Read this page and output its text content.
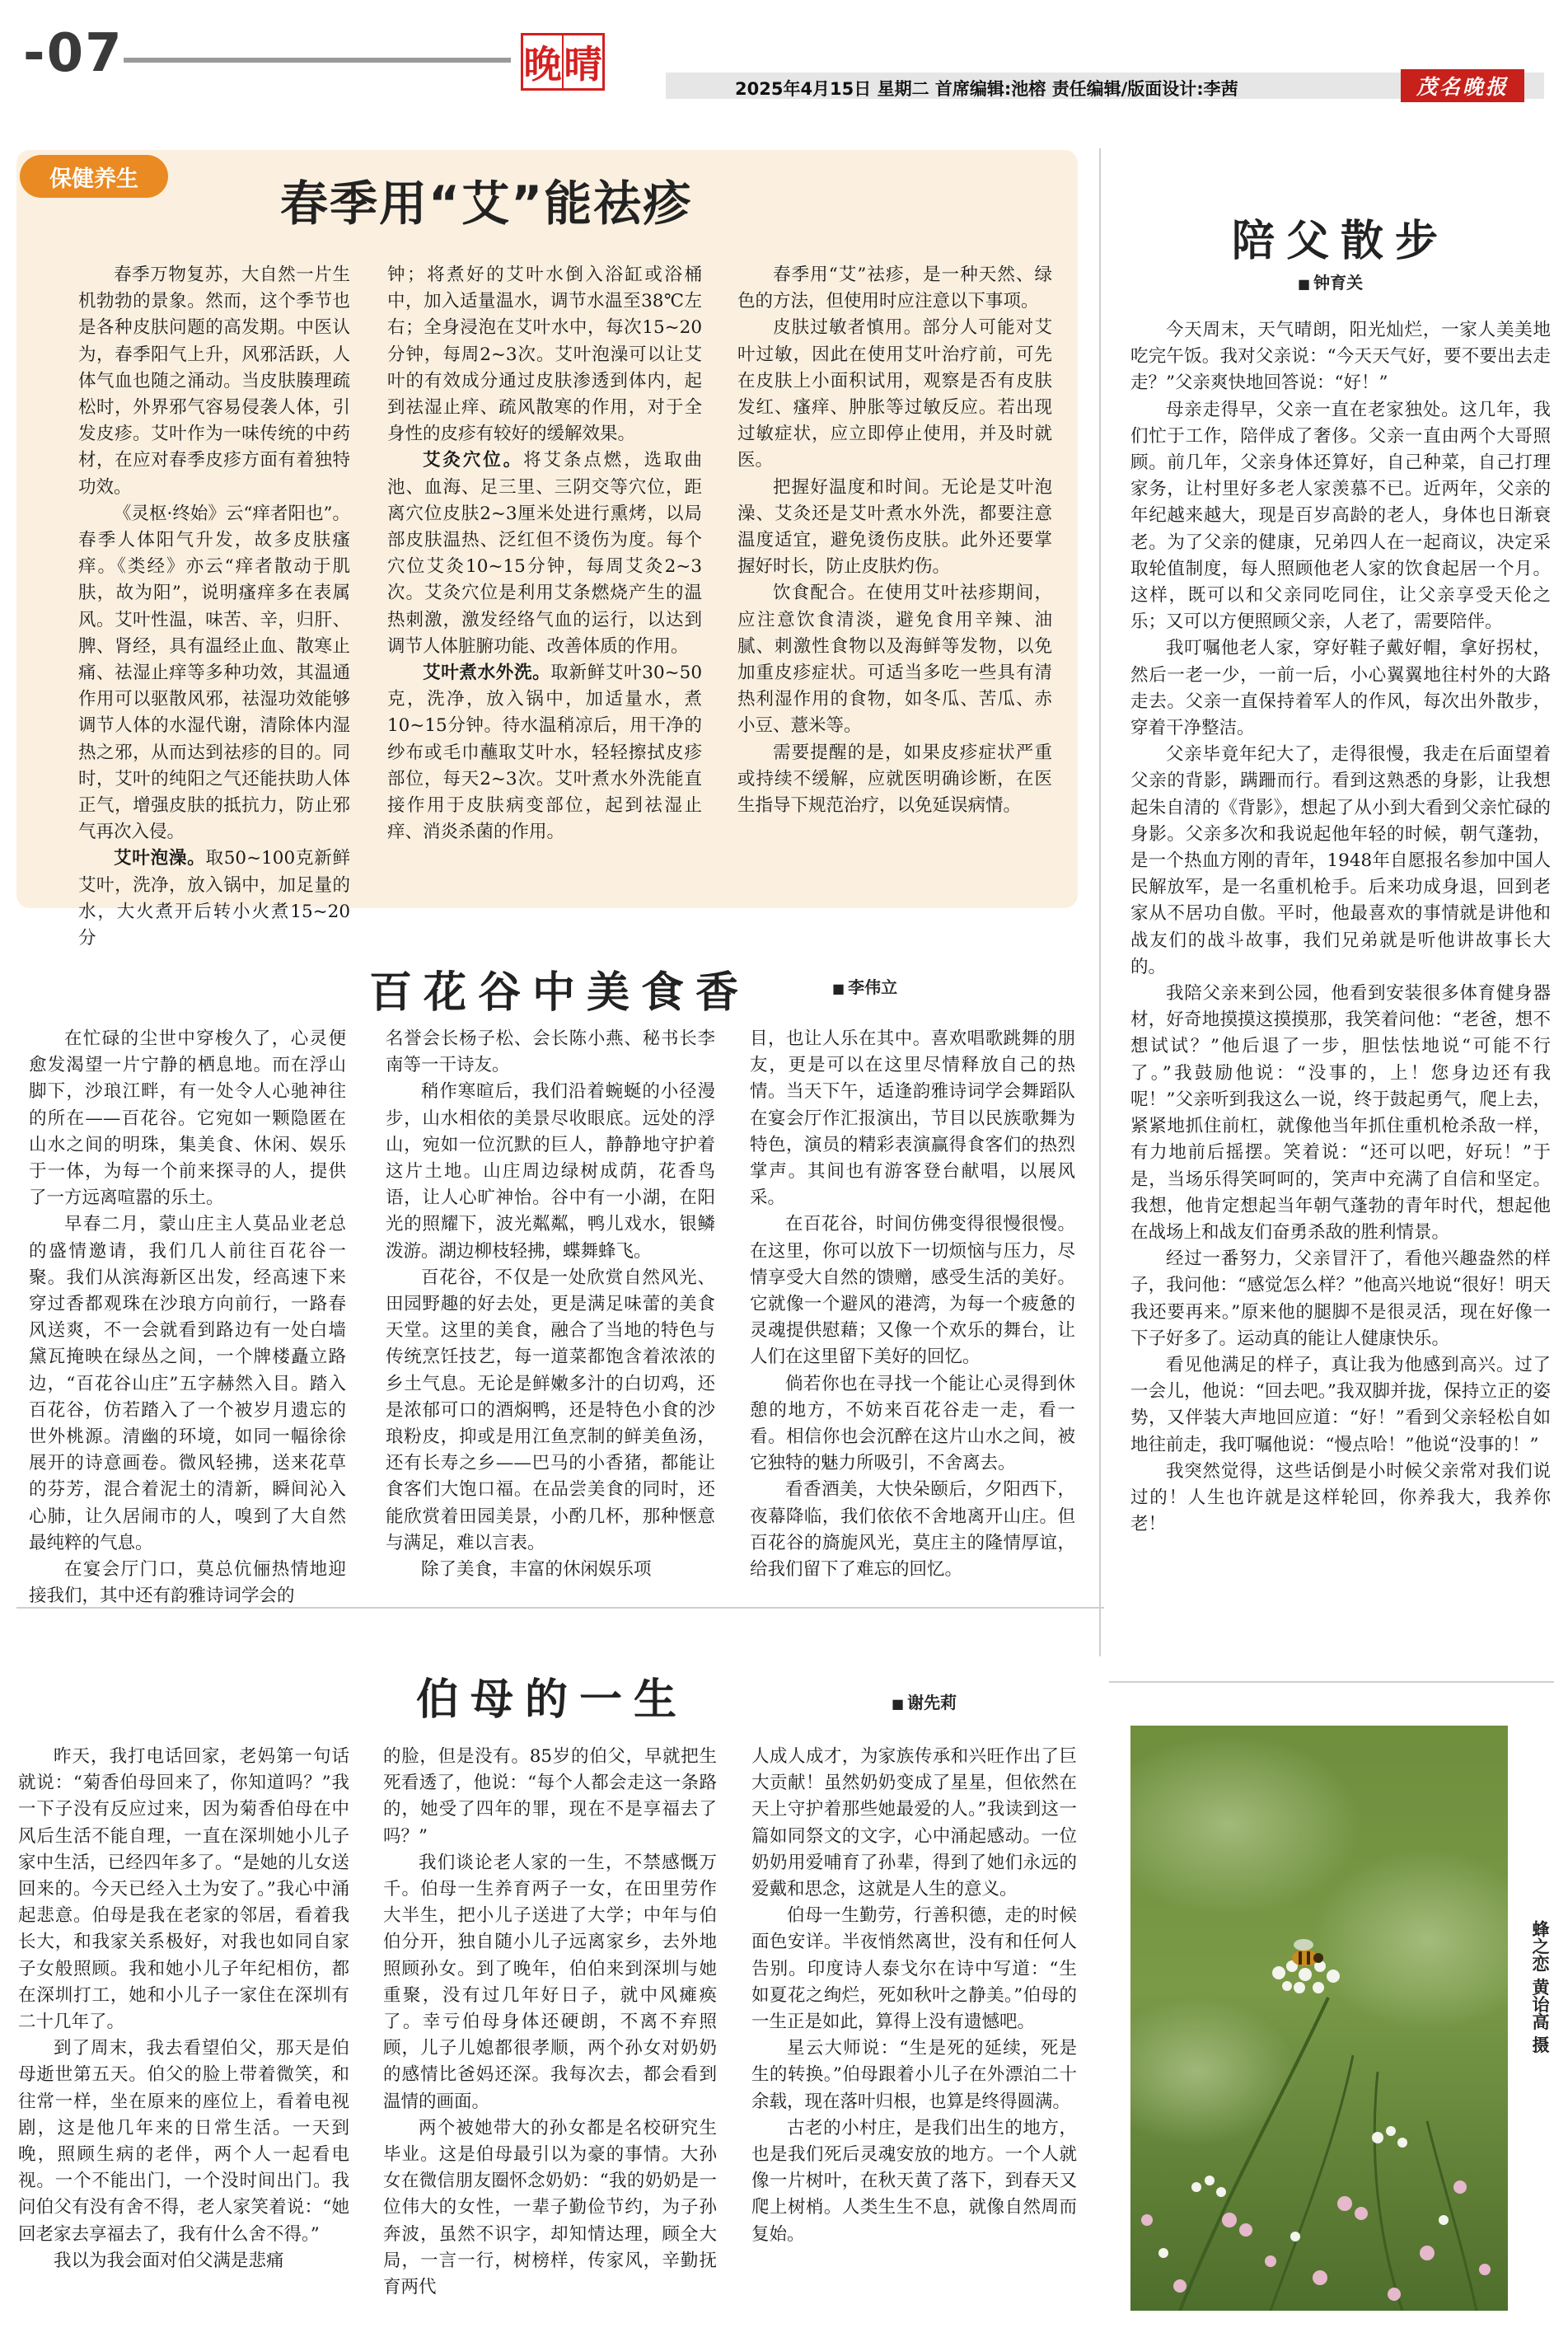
-07	晚 晴
2025年4月15日 星期二 首席编辑:池榕 责任编辑/版面设计:李茜	茂名晚报
保健养生	春季用“艾”能祛疹

春季万物复苏，大自然一片生机勃勃的景象。然而，这个季节也是各种皮肤问题的高发期。中医认为，春季阳气上升，风邪活跃，人体气血也随之涌动。当皮肤腠理疏松时，外界邪气容易侵袭人体，引发皮疹。艾叶作为一味传统的中药材，在应对春季皮疹方面有着独特功效。

《灵枢·终始》云“痒者阳也”。春季人体阳气升发，故多皮肤瘙痒。《类经》亦云“痒者散动于肌肤，故为阳”，说明瘙痒多在表属风。艾叶性温，味苦、辛，归肝、脾、肾经，具有温经止血、散寒止痛、祛湿止痒等多种功效，其温通作用可以驱散风邪，祛湿功效能够调节人体的水湿代谢，清除体内湿热之邪，从而达到祛疹的目的。同时，艾叶的纯阳之气还能扶助人体正气，增强皮肤的抵抗力，防止邪气再次入侵。

艾叶泡澡。取50~100克新鲜艾叶，洗净，放入锅中，加足量的水，大火煮开后转小火煮15~20分

钟；将煮好的艾叶水倒入浴缸或浴桶中，加入适量温水，调节水温至38℃左右；全身浸泡在艾叶水中，每次15~20分钟，每周2~3次。艾叶泡澡可以让艾叶的有效成分通过皮肤渗透到体内，起到祛湿止痒、疏风散寒的作用，对于全身性的皮疹有较好的缓解效果。

艾灸穴位。将艾条点燃，选取曲池、血海、足三里、三阴交等穴位，距离穴位皮肤2~3厘米处进行熏烤，以局部皮肤温热、泛红但不烫伤为度。每个穴位艾灸10~15分钟，每周艾灸2~3次。艾灸穴位是利用艾条燃烧产生的温热刺激，激发经络气血的运行，以达到调节人体脏腑功能、改善体质的作用。

艾叶煮水外洗。取新鲜艾叶30~50克，洗净，放入锅中，加适量水，煮10~15分钟。待水温稍凉后，用干净的纱布或毛巾蘸取艾叶水，轻轻擦拭皮疹部位，每天2~3次。艾叶煮水外洗能直接作用于皮肤病变部位，起到祛湿止痒、消炎杀菌的作用。

春季用“艾”祛疹，是一种天然、绿色的方法，但使用时应注意以下事项。

皮肤过敏者慎用。部分人可能对艾叶过敏，因此在使用艾叶治疗前，可先在皮肤上小面积试用，观察是否有皮肤发红、瘙痒、肿胀等过敏反应。若出现过敏症状，应立即停止使用，并及时就医。

把握好温度和时间。无论是艾叶泡澡、艾灸还是艾叶煮水外洗，都要注意温度适宜，避免烫伤皮肤。此外还要掌握好时长，防止皮肤灼伤。

饮食配合。在使用艾叶祛疹期间，应注意饮食清淡，避免食用辛辣、油腻、刺激性食物以及海鲜等发物，以免加重皮疹症状。可适当多吃一些具有清热利湿作用的食物，如冬瓜、苦瓜、赤小豆、薏米等。

需要提醒的是，如果皮疹症状严重或持续不缓解，应就医明确诊断，在医生指导下规范治疗，以免延误病情。

陪父散步
■ 钟育关

今天周末，天气晴朗，阳光灿烂，一家人美美地吃完午饭。我对父亲说：“今天天气好，要不要出去走走？”父亲爽快地回答说：“好！”

母亲走得早，父亲一直在老家独处。这几年，我们忙于工作，陪伴成了奢侈。父亲一直由两个大哥照顾。前几年，父亲身体还算好，自己种菜，自己打理家务，让村里好多老人家羡慕不已。近两年，父亲的年纪越来越大，现是百岁高龄的老人，身体也日渐衰老。为了父亲的健康，兄弟四人在一起商议，决定采取轮值制度，每人照顾他老人家的饮食起居一个月。这样，既可以和父亲同吃同住，让父亲享受天伦之乐；又可以方便照顾父亲，人老了，需要陪伴。

我叮嘱他老人家，穿好鞋子戴好帽，拿好拐杖，然后一老一少，一前一后，小心翼翼地往村外的大路走去。父亲一直保持着军人的作风，每次出外散步，穿着干净整洁。

父亲毕竟年纪大了，走得很慢，我走在后面望着父亲的背影，蹒跚而行。看到这熟悉的身影，让我想起朱自清的《背影》，想起了从小到大看到父亲忙碌的身影。父亲多次和我说起他年轻的时候，朝气蓬勃，是一个热血方刚的青年，1948年自愿报名参加中国人民解放军，是一名重机枪手。后来功成身退，回到老家从不居功自傲。平时，他最喜欢的事情就是讲他和战友们的战斗故事，我们兄弟就是听他讲故事长大的。

我陪父亲来到公园，他看到安装很多体育健身器材，好奇地摸摸这摸摸那，我笑着问他：“老爸，想不想试试？”他后退了一步，胆怯怯地说“可能不行了。”我鼓励他说：“没事的，上！您身边还有我呢！”父亲听到我这么一说，终于鼓起勇气，爬上去，紧紧地抓住前杠，就像他当年抓住重机枪杀敌一样，有力地前后摇摆。笑着说：“还可以吧，好玩！”于是，当场乐得笑呵呵的，笑声中充满了自信和坚定。我想，他肯定想起当年朝气蓬勃的青年时代，想起他在战场上和战友们奋勇杀敌的胜利情景。

经过一番努力，父亲冒汗了，看他兴趣盎然的样子，我问他：“感觉怎么样？”他高兴地说“很好！明天我还要再来。”原来他的腿脚不是很灵活，现在好像一下子好多了。运动真的能让人健康快乐。

看见他满足的样子，真让我为他感到高兴。过了一会儿，他说：“回去吧。”我双脚并拢，保持立正的姿势，又伴装大声地回应道：“好！”看到父亲轻松自如地往前走，我叮嘱他说：“慢点哈！”他说“没事的！”

我突然觉得，这些话倒是小时候父亲常对我们说过的！人生也许就是这样轮回，你养我大，我养你老！

百花谷中美食香	■ 李伟立

在忙碌的尘世中穿梭久了，心灵便愈发渴望一片宁静的栖息地。而在浮山脚下，沙琅江畔，有一处令人心驰神往的所在——百花谷。它宛如一颗隐匿在山水之间的明珠，集美食、休闲、娱乐于一体，为每一个前来探寻的人，提供了一方远离喧嚣的乐土。

早春二月，蒙山庄主人莫品业老总的盛情邀请，我们几人前往百花谷一聚。我们从滨海新区出发，经高速下来穿过香都观珠在沙琅方向前行，一路春风送爽，不一会就看到路边有一处白墙黛瓦掩映在绿丛之间，一个牌楼矗立路边，“百花谷山庄”五字赫然入目。踏入百花谷，仿若踏入了一个被岁月遗忘的世外桃源。清幽的环境，如同一幅徐徐展开的诗意画卷。微风轻拂，送来花草的芬芳，混合着泥土的清新，瞬间沁入心肺，让久居闹市的人，嗅到了大自然最纯粹的气息。

在宴会厅门口，莫总伉俪热情地迎接我们，其中还有韵雅诗词学会的

名誉会长杨子松、会长陈小燕、秘书长李南等一干诗友。

稍作寒暄后，我们沿着蜿蜒的小径漫步，山水相依的美景尽收眼底。远处的浮山，宛如一位沉默的巨人，静静地守护着这片土地。山庄周边绿树成荫，花香鸟语，让人心旷神怡。谷中有一小湖，在阳光的照耀下，波光粼粼，鸭儿戏水，银鳞泼游。湖边柳枝轻拂，蝶舞蜂飞。

百花谷，不仅是一处欣赏自然风光、田园野趣的好去处，更是满足味蕾的美食天堂。这里的美食，融合了当地的特色与传统烹饪技艺，每一道菜都饱含着浓浓的乡土气息。无论是鲜嫩多汁的白切鸡，还是浓郁可口的酒焖鸭，还是特色小食的沙琅粉皮，抑或是用江鱼烹制的鲜美鱼汤，还有长寿之乡——巴马的小香猪，都能让食客们大饱口福。在品尝美食的同时，还能欣赏着田园美景，小酌几杯，那种惬意与满足，难以言表。

除了美食，丰富的休闲娱乐项

目，也让人乐在其中。喜欢唱歌跳舞的朋友，更是可以在这里尽情释放自己的热情。当天下午，适逢韵雅诗词学会舞蹈队在宴会厅作汇报演出，节目以民族歌舞为特色，演员的精彩表演赢得食客们的热烈掌声。其间也有游客登台献唱，以展风采。

在百花谷，时间仿佛变得很慢很慢。在这里，你可以放下一切烦恼与压力，尽情享受大自然的馈赠，感受生活的美好。它就像一个避风的港湾，为每一个疲惫的灵魂提供慰藉；又像一个欢乐的舞台，让人们在这里留下美好的回忆。

倘若你也在寻找一个能让心灵得到休憩的地方，不妨来百花谷走一走，看一看。相信你也会沉醉在这片山水之间，被它独特的魅力所吸引，不舍离去。

看香酒美，大快朵颐后，夕阳西下，夜幕降临，我们依依不舍地离开山庄。但百花谷的旖旎风光，莫庄主的隆情厚谊，给我们留下了难忘的回忆。

伯母的一生	■ 谢先莉

昨天，我打电话回家，老妈第一句话就说：“菊香伯母回来了，你知道吗？”我一下子没有反应过来，因为菊香伯母在中风后生活不能自理，一直在深圳她小儿子家中生活，已经四年多了。“是她的儿女送回来的。今天已经入土为安了。”我心中涌起悲意。伯母是我在老家的邻居，看着我长大，和我家关系极好，对我也如同自家子女般照顾。我和她小儿子年纪相仿，都在深圳打工，她和小儿子一家住在深圳有二十几年了。

到了周末，我去看望伯父，那天是伯母逝世第五天。伯父的脸上带着微笑，和往常一样，坐在原来的座位上，看着电视剧，这是他几年来的日常生活。一天到晚，照顾生病的老伴，两个人一起看电视。一个不能出门，一个没时间出门。我问伯父有没有舍不得，老人家笑着说：“她回老家去享福去了，我有什么舍不得。”

我以为我会面对伯父满是悲痛

的脸，但是没有。85岁的伯父，早就把生死看透了，他说：“每个人都会走这一条路的，她受了四年的罪，现在不是享福去了吗？”

我们谈论老人家的一生，不禁感慨万千。伯母一生养育两子一女，在田里劳作大半生，把小儿子送进了大学；中年与伯伯分开，独自随小儿子远离家乡，去外地照顾孙女。到了晚年，伯伯来到深圳与她重聚，没有过几年好日子，就中风瘫痪了。幸亏伯母身体还硬朗，不离不弃照顾，儿子儿媳都很孝顺，两个孙女对奶奶的感情比爸妈还深。我每次去，都会看到温情的画面。

两个被她带大的孙女都是名校研究生毕业。这是伯母最引以为豪的事情。大孙女在微信朋友圈怀念奶奶：“我的奶奶是一位伟大的女性，一辈子勤俭节约，为子孙奔波，虽然不识字，却知情达理，顾全大局，一言一行，树榜样，传家风，辛勤抚育两代

人成人成才，为家族传承和兴旺作出了巨大贡献！虽然奶奶变成了星星，但依然在天上守护着那些她最爱的人。”我读到这一篇如同祭文的文字，心中涌起感动。一位奶奶用爱哺育了孙辈，得到了她们永远的爱戴和思念，这就是人生的意义。

伯母一生勤劳，行善积德，走的时候面色安详。半夜悄然离世，没有和任何人告别。印度诗人泰戈尔在诗中写道：“生如夏花之绚烂，死如秋叶之静美。”伯母的一生正是如此，算得上没有遗憾吧。

星云大师说：“生是死的延续，死是生的转换。”伯母跟着小儿子在外漂泊二十余载，现在落叶归根，也算是终得圆满。

古老的小村庄，是我们出生的地方，也是我们死后灵魂安放的地方。一个人就像一片树叶，在秋天黄了落下，到春天又爬上树梢。人类生生不息，就像自然周而复始。

蜂之恋 黄诒高 摄
